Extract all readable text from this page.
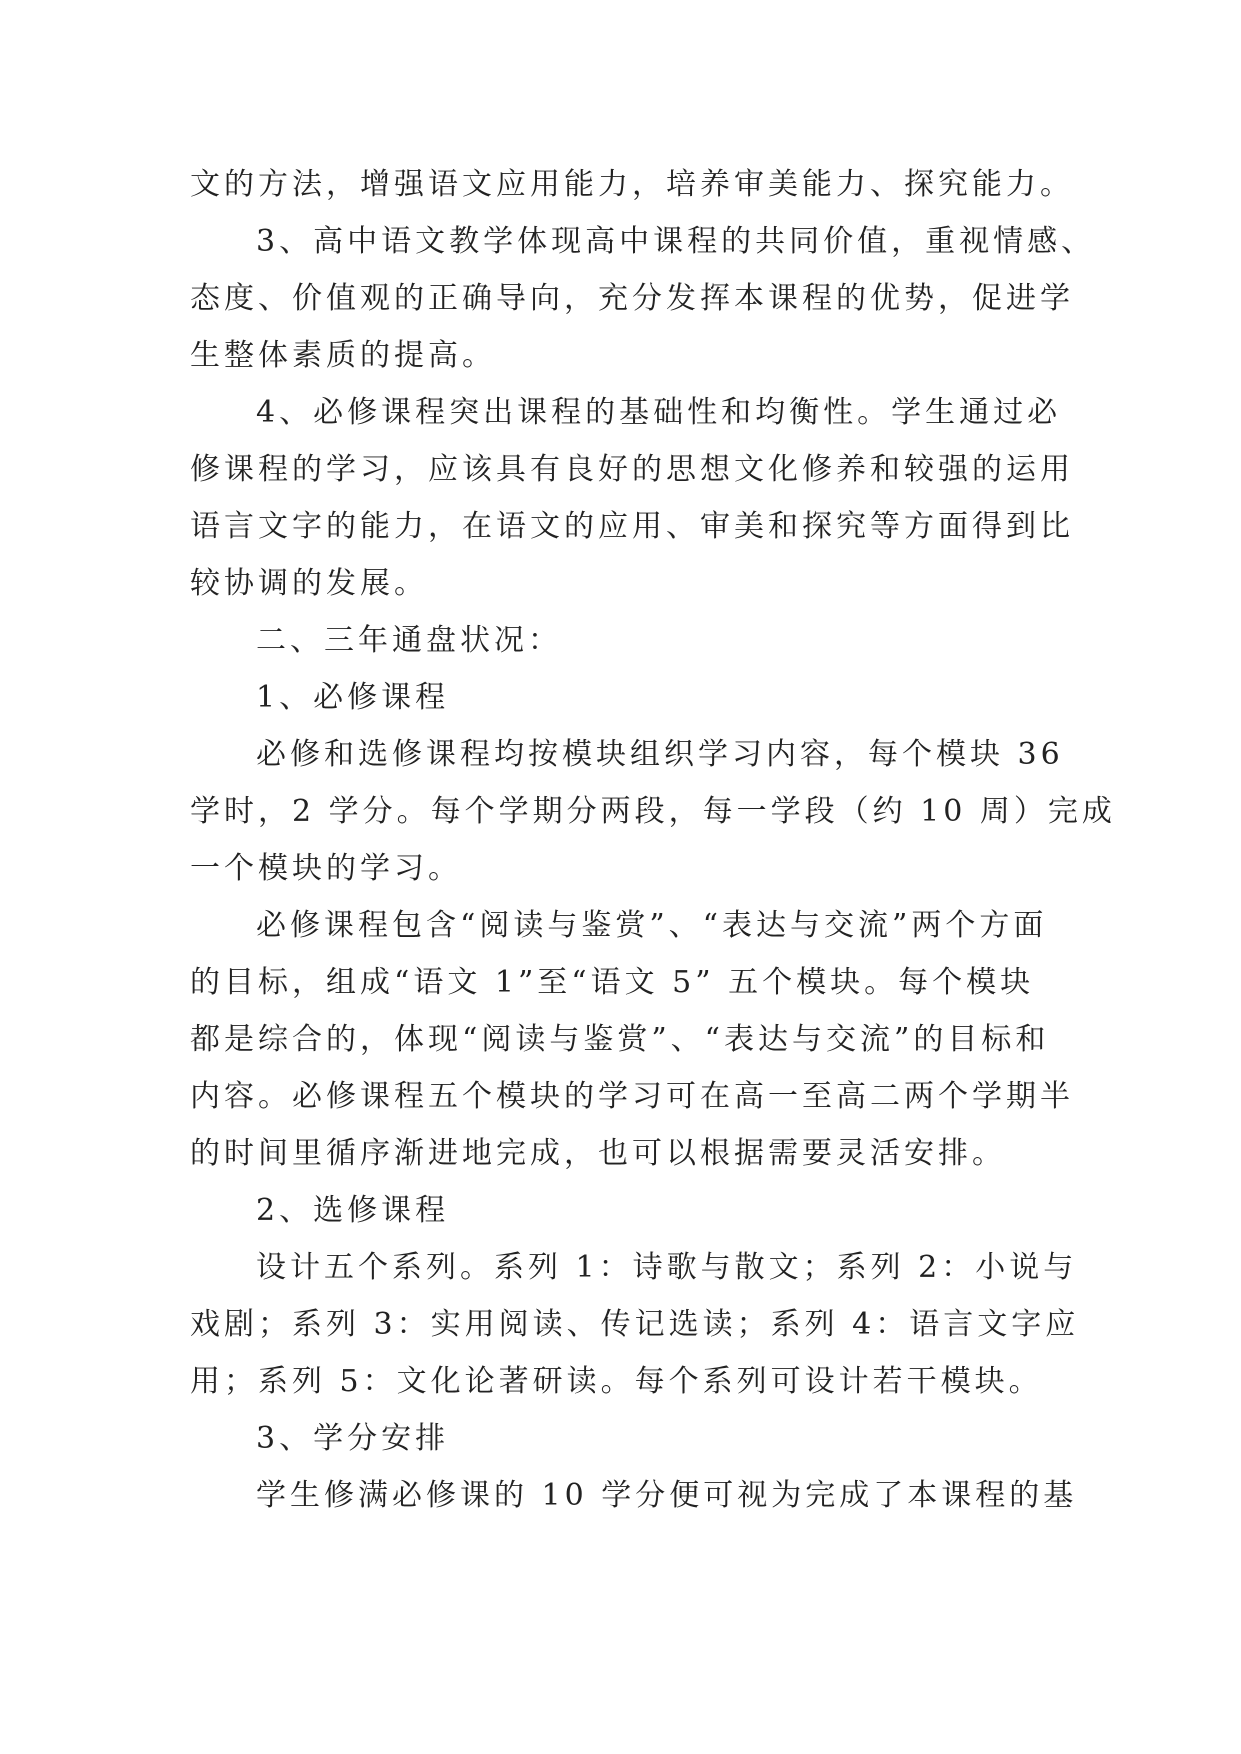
文的方法，增强语文应用能力，培养审美能力、探究能力。
3、高中语文教学体现高中课程的共同价值，重视情感、
态度、价值观的正确导向，充分发挥本课程的优势，促进学
生整体素质的提高。
4、必修课程突出课程的基础性和均衡性。学生通过必
修课程的学习，应该具有良好的思想文化修养和较强的运用
语言文字的能力，在语文的应用、审美和探究等方面得到比
较协调的发展。
二、三年通盘状况：
1、必修课程
必修和选修课程均按模块组织学习内容，每个模块 36
学时，2 学分。每个学期分两段，每一学段（约 10 周）完成
一个模块的学习。
必修课程包含“阅读与鉴赏”、“表达与交流”两个方面
的目标，组成“语文 1”至“语文 5” 五个模块。每个模块
都是综合的，体现“阅读与鉴赏”、“表达与交流”的目标和
内容。必修课程五个模块的学习可在高一至高二两个学期半
的时间里循序渐进地完成，也可以根据需要灵活安排。
2、选修课程
设计五个系列。系列 1：诗歌与散文；系列 2：小说与
戏剧；系列 3：实用阅读、传记选读；系列 4：语言文字应
用；系列 5：文化论著研读。每个系列可设计若干模块。
3、学分安排
学生修满必修课的 10 学分便可视为完成了本课程的基
